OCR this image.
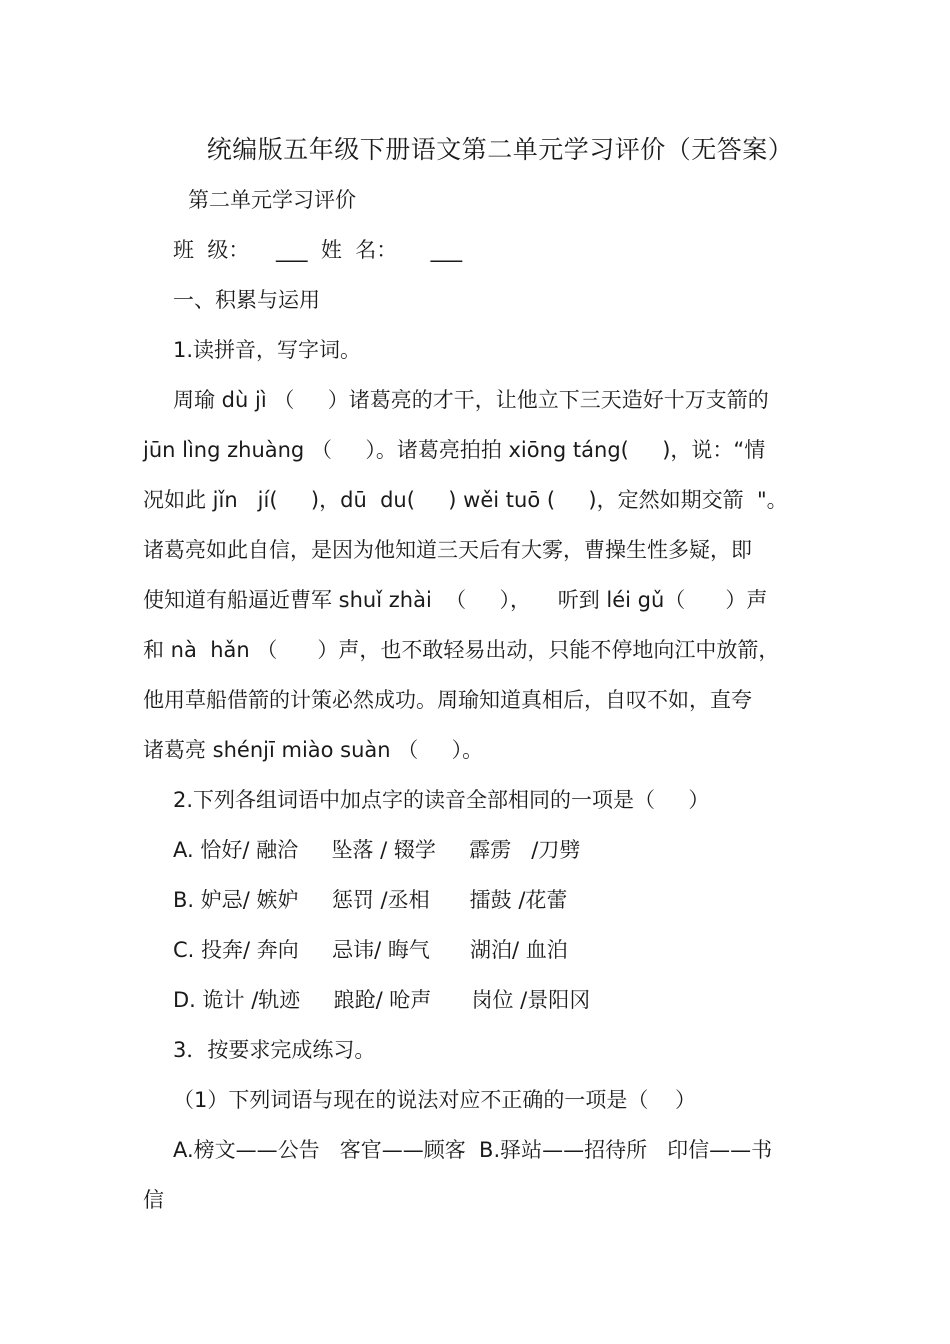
统编版五年级下册语文第二单元学习评价（无答案）
第二单元学习评价
班  级：    ___  姓  名：     ___
一、积累与运用
1.读拼音，写字词。
周瑜 dù jì （     ）诸葛亮的才干，让他立下三天造好十万支箭的
jūn lìng zhuàng （     ）。诸葛亮拍拍 xiōng táng(     )，说：“情
况如此 jǐn   jí(     )，dū  du(     ) wěi tuō (     )，定然如期交箭  "。
诸葛亮如此自信，是因为他知道三天后有大雾，曹操生性多疑，即
使知道有船逼近曹军 shuǐ zhài  （     ），    听到 léi gǔ（      ）声
和 nà  hǎn （      ）声，也不敢轻易出动，只能不停地向江中放箭，
他用草船借箭的计策必然成功。周瑜知道真相后，自叹不如，直夸
诸葛亮 shénjī miào suàn （     ）。
2.下列各组词语中加点字的读音全部相同的一项是（     ）
A. 恰好/ 融洽     坠落 / 辍学     霹雳   /刀劈
B. 妒忌/ 嫉妒     惩罚 /丞相      擂鼓 /花蕾
C. 投奔/ 奔向     忌讳/ 晦气      湖泊/ 血泊
D. 诡计 /轨迹     踉跄/ 呛声      岗位 /景阳冈
3．按要求完成练习。
（1）下列词语与现在的说法对应不正确的一项是（    ）
A.榜文——公告   客官——顾客  B.驿站——招待所   印信——书
信
